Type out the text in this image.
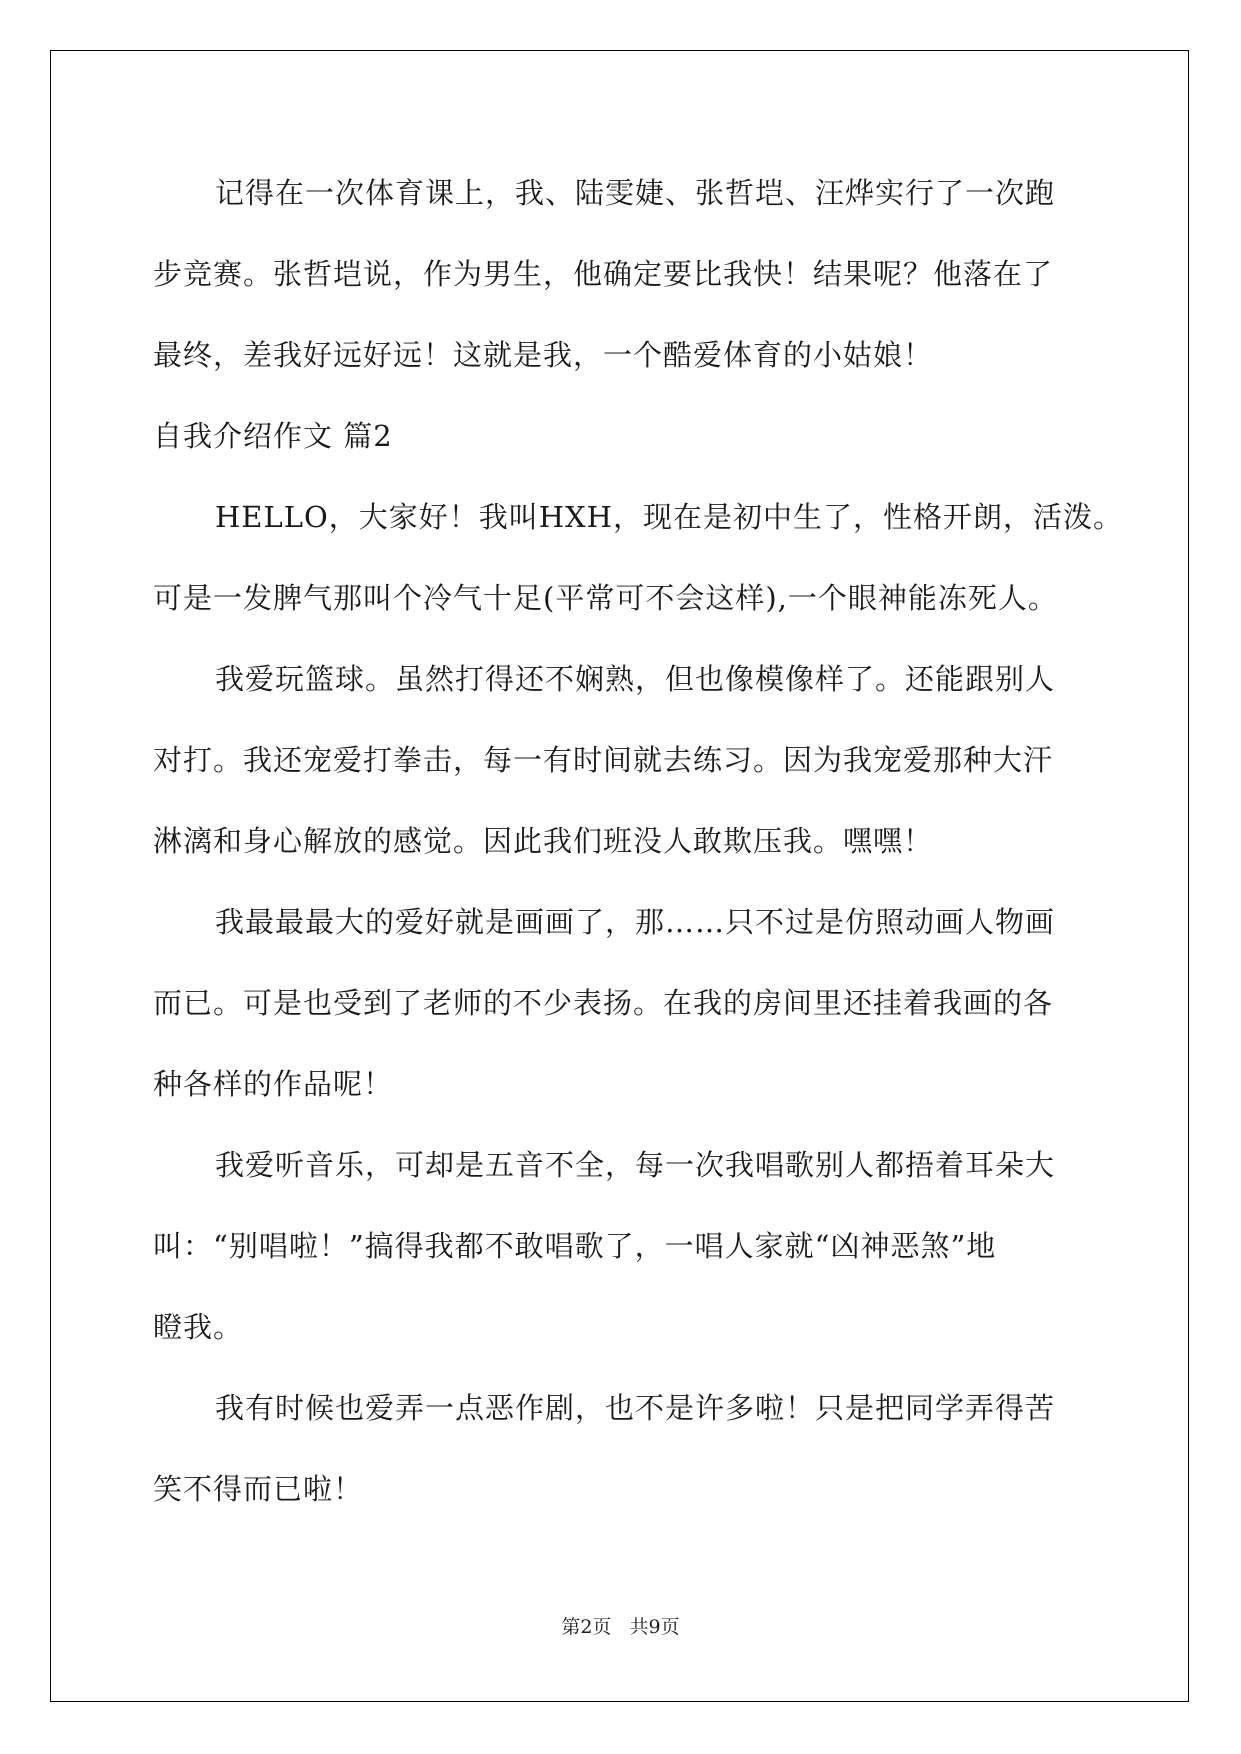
记得在一次体育课上，我、陆雯婕、张哲垲、汪烨实行了一次跑
步竞赛。张哲垲说，作为男生，他确定要比我快！结果呢？他落在了
最终，差我好远好远！这就是我，一个酷爱体育的小姑娘！
自我介绍作文 篇2
HELLO，大家好！我叫HXH，现在是初中生了，性格开朗，活泼。
可是一发脾气那叫个冷气十足(平常可不会这样),一个眼神能冻死人。
我爱玩篮球。虽然打得还不娴熟，但也像模像样了。还能跟别人
对打。我还宠爱打拳击，每一有时间就去练习。因为我宠爱那种大汗
淋漓和身心解放的感觉。因此我们班没人敢欺压我。嘿嘿！
我最最最大的爱好就是画画了，那……只不过是仿照动画人物画
而已。可是也受到了老师的不少表扬。在我的房间里还挂着我画的各
种各样的作品呢！
我爱听音乐，可却是五音不全，每一次我唱歌别人都捂着耳朵大
叫：“别唱啦！”搞得我都不敢唱歌了，一唱人家就“凶神恶煞”地
瞪我。
我有时候也爱弄一点恶作剧，也不是许多啦！只是把同学弄得苦
笑不得而已啦！
第2页   共9页
